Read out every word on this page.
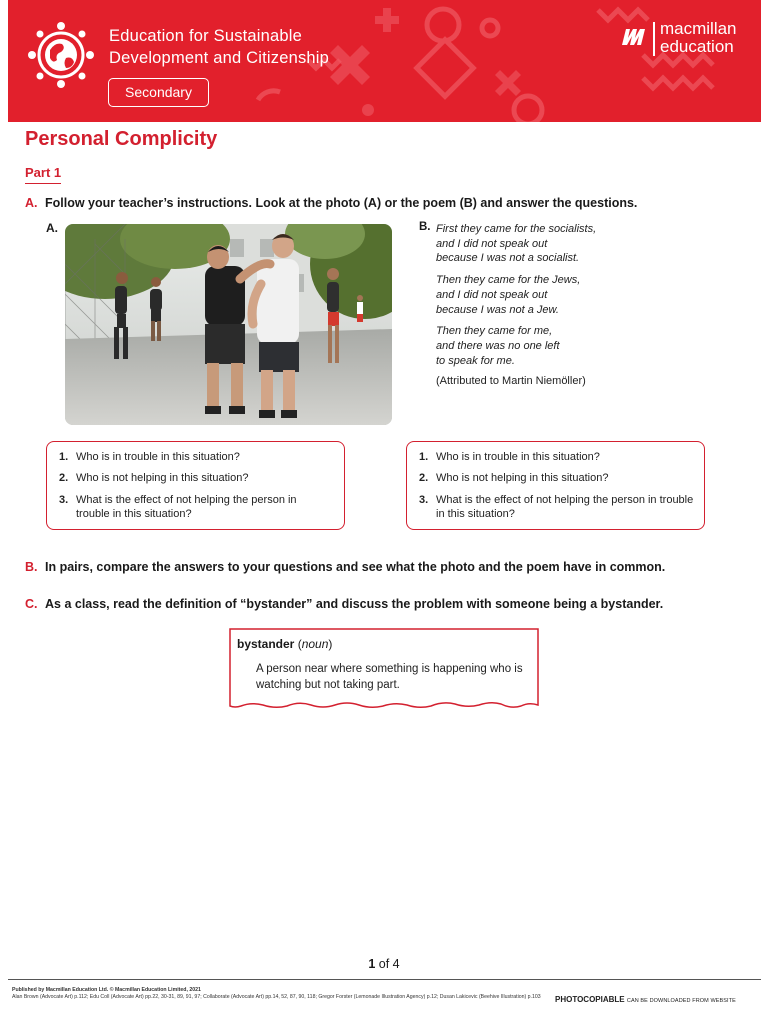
Education for Sustainable
Development and Citizenship
Secondary
macmillan
education
Personal Complicity
Part 1
A. Follow your teacher’s instructions. Look at the photo (A) or the poem (B) and answer the questions.
A.	B. First they came for the socialists,
and I did not speak out
because I was not a socialist.
Then they came for the Jews,
and I did not speak out
because I was not a Jew.
Then they came for me,
and there was no one left
to speak for me.
(Attributed to Martin Niemöller)
1. Who is in trouble in this situation?
2. Who is not helping in this situation?
3. What is the effect of not helping the person in trouble in this situation?
1. Who is in trouble in this situation?
2. Who is not helping in this situation?
3. What is the effect of not helping the person in trouble in this situation?
B. In pairs, compare the answers to your questions and see what the photo and the poem have in common.
C. As a class, read the definition of “bystander” and discuss the problem with someone being a bystander.
bystander (noun)
A person near where something is happening who is watching but not taking part.
1 of 4
Published by Macmillan Education Ltd. © Macmillan Education Limited, 2021
Alan Brown (Advocate Art) p.112; Edu Coll (Advocate Art) pp.22, 30-31, 89, 91, 97; Collaborate (Advocate Art) pp.14, 52, 87, 90, 118; Gregor Forster (Lemonade Illustration Agency) p.12; Dusan Lakicevic (Beehive Illustration) p.103	PHOTOCOPIABLE CAN BE DOWNLOADED FROM WEBSITE
